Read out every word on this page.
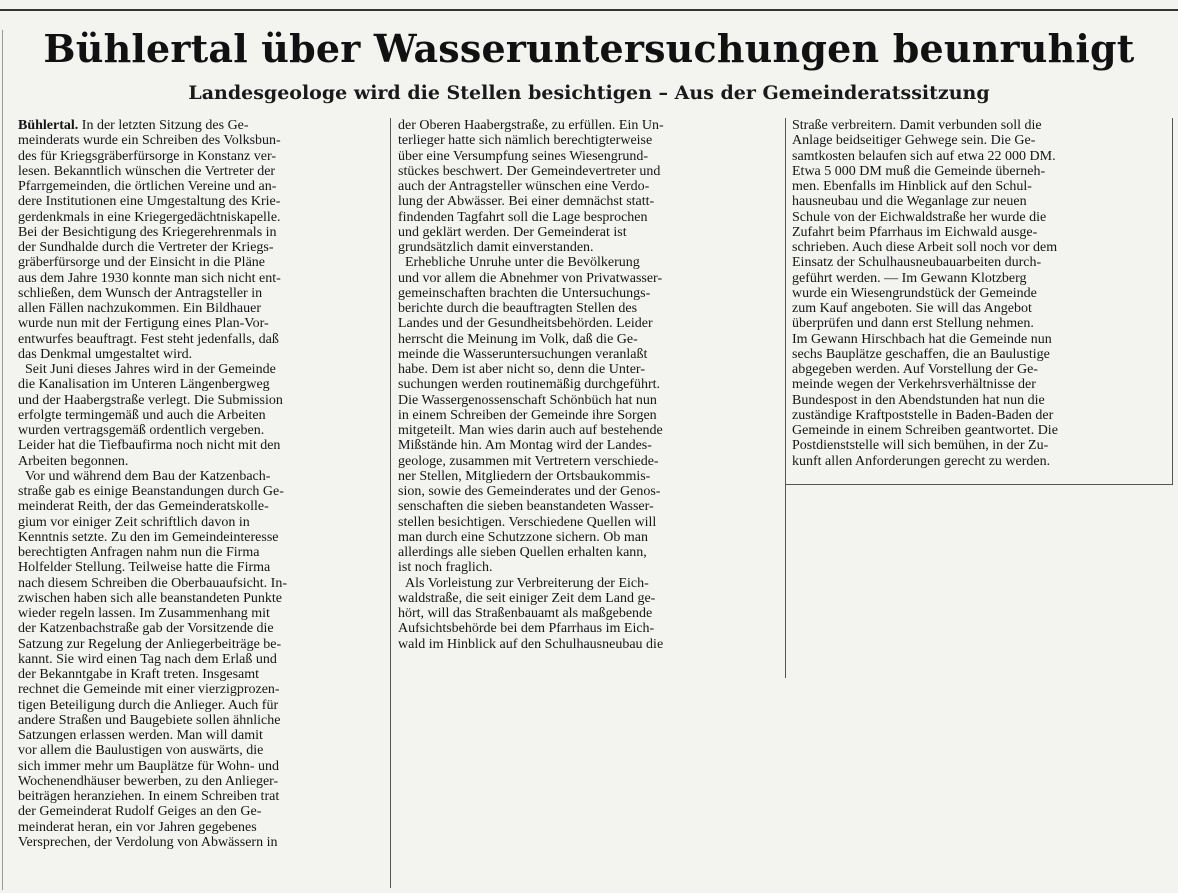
Bühlertal über Wasseruntersuchungen beunruhigt
Landesgeologe wird die Stellen besichtigen – Aus der Gemeinderatssitzung
Bühlertal. In der letzten Sitzung des Ge-
meinderats wurde ein Schreiben des Volksbun-
des für Kriegsgräberfürsorge in Konstanz ver-
lesen. Bekanntlich wünschen die Vertreter der
Pfarrgemeinden, die örtlichen Vereine und an-
dere Institutionen eine Umgestaltung des Krie-
gerdenkmals in eine Kriegergedächtniskapelle.
Bei der Besichtigung des Kriegerehrenmals in
der Sundhalde durch die Vertreter der Kriegs-
gräberfürsorge und der Einsicht in die Pläne
aus dem Jahre 1930 konnte man sich nicht ent-
schließen, dem Wunsch der Antragsteller in
allen Fällen nachzukommen. Ein Bildhauer
wurde nun mit der Fertigung eines Plan-Vor-
entwurfes beauftragt. Fest steht jedenfalls, daß
das Denkmal umgestaltet wird.
Seit Juni dieses Jahres wird in der Gemeinde
die Kanalisation im Unteren Längenbergweg
und der Haabergstraße verlegt. Die Submission
erfolgte termingemäß und auch die Arbeiten
wurden vertragsgemäß ordentlich vergeben.
Leider hat die Tiefbaufirma noch nicht mit den
Arbeiten begonnen.
Vor und während dem Bau der Katzenbach-
straße gab es einige Beanstandungen durch Ge-
meinderat Reith, der das Gemeinderatskolle-
gium vor einiger Zeit schriftlich davon in
Kenntnis setzte. Zu den im Gemeindeinteresse
berechtigten Anfragen nahm nun die Firma
Holfelder Stellung. Teilweise hatte die Firma
nach diesem Schreiben die Oberbauaufsicht. In-
zwischen haben sich alle beanstandeten Punkte
wieder regeln lassen. Im Zusammenhang mit
der Katzenbachstraße gab der Vorsitzende die
Satzung zur Regelung der Anliegerbeiträge be-
kannt. Sie wird einen Tag nach dem Erlaß und
der Bekanntgabe in Kraft treten. Insgesamt
rechnet die Gemeinde mit einer vierzigprozen-
tigen Beteiligung durch die Anlieger. Auch für
andere Straßen und Baugebiete sollen ähnliche
Satzungen erlassen werden. Man will damit
vor allem die Baulustigen von auswärts, die
sich immer mehr um Bauplätze für Wohn- und
Wochenendhäuser bewerben, zu den Anlieger-
beiträgen heranziehen. In einem Schreiben trat
der Gemeinderat Rudolf Geiges an den Ge-
meinderat heran, ein vor Jahren gegebenes
Versprechen, der Verdolung von Abwässern in
der Oberen Haabergstraße, zu erfüllen. Ein Un-
terlieger hatte sich nämlich berechtigterweise
über eine Versumpfung seines Wiesengrund-
stückes beschwert. Der Gemeindevertreter und
auch der Antragsteller wünschen eine Verdo-
lung der Abwässer. Bei einer demnächst statt-
findenden Tagfahrt soll die Lage besprochen
und geklärt werden. Der Gemeinderat ist
grundsätzlich damit einverstanden.
Erhebliche Unruhe unter die Bevölkerung
und vor allem die Abnehmer von Privatwasser-
gemeinschaften brachten die Untersuchungs-
berichte durch die beauftragten Stellen des
Landes und der Gesundheitsbehörden. Leider
herrscht die Meinung im Volk, daß die Ge-
meinde die Wasseruntersuchungen veranlaßt
habe. Dem ist aber nicht so, denn die Unter-
suchungen werden routinemäßig durchgeführt.
Die Wassergenossenschaft Schönbüch hat nun
in einem Schreiben der Gemeinde ihre Sorgen
mitgeteilt. Man wies darin auch auf bestehende
Mißstände hin. Am Montag wird der Landes-
geologe, zusammen mit Vertretern verschiede-
ner Stellen, Mitgliedern der Ortsbaukommis-
sion, sowie des Gemeinderates und der Genos-
senschaften die sieben beanstandeten Wasser-
stellen besichtigen. Verschiedene Quellen will
man durch eine Schutzzone sichern. Ob man
allerdings alle sieben Quellen erhalten kann,
ist noch fraglich.
Als Vorleistung zur Verbreiterung der Eich-
waldstraße, die seit einiger Zeit dem Land ge-
hört, will das Straßenbauamt als maßgebende
Aufsichtsbehörde bei dem Pfarrhaus im Eich-
wald im Hinblick auf den Schulhausneubau die
Straße verbreitern. Damit verbunden soll die
Anlage beidseitiger Gehwege sein. Die Ge-
samtkosten belaufen sich auf etwa 22 000 DM.
Etwa 5 000 DM muß die Gemeinde überneh-
men. Ebenfalls im Hinblick auf den Schul-
hausneubau und die Weganlage zur neuen
Schule von der Eichwaldstraße her wurde die
Zufahrt beim Pfarrhaus im Eichwald ausge-
schrieben. Auch diese Arbeit soll noch vor dem
Einsatz der Schulhausneubauarbeiten durch-
geführt werden. — Im Gewann Klotzberg
wurde ein Wiesengrundstück der Gemeinde
zum Kauf angeboten. Sie will das Angebot
überprüfen und dann erst Stellung nehmen.
Im Gewann Hirschbach hat die Gemeinde nun
sechs Bauplätze geschaffen, die an Baulustige
abgegeben werden. Auf Vorstellung der Ge-
meinde wegen der Verkehrsverhältnisse der
Bundespost in den Abendstunden hat nun die
zuständige Kraftpoststelle in Baden-Baden der
Gemeinde in einem Schreiben geantwortet. Die
Postdienststelle will sich bemühen, in der Zu-
kunft allen Anforderungen gerecht zu werden.
